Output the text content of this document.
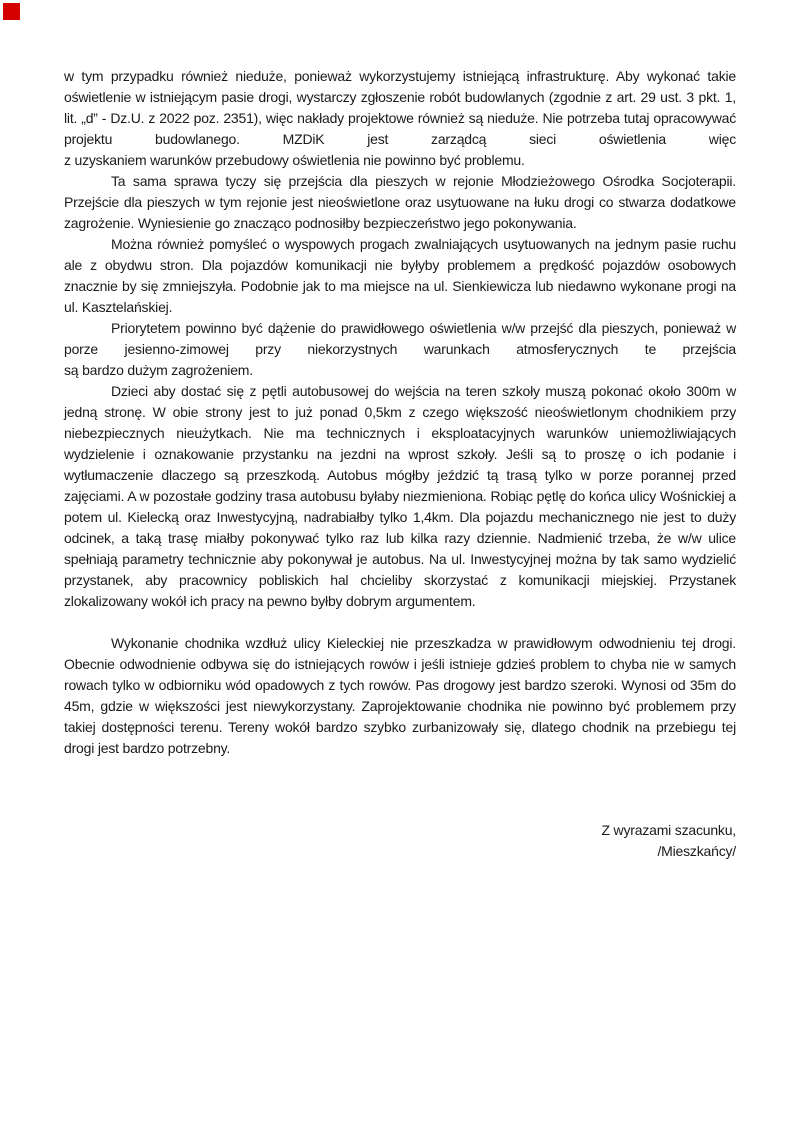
w tym przypadku również nieduże, ponieważ wykorzystujemy istniejącą infrastrukturę. Aby wykonać takie oświetlenie w istniejącym pasie drogi, wystarczy zgłoszenie robót budowlanych (zgodnie z art. 29 ust. 3 pkt. 1, lit. „d” - Dz.U. z 2022 poz. 2351), więc nakłady projektowe również są nieduże. Nie potrzeba tutaj opracowywać projektu budowlanego. MZDiK jest zarządcą sieci oświetlenia więc
z uzyskaniem warunków przebudowy oświetlenia nie powinno być problemu.
Ta sama sprawa tyczy się przejścia dla pieszych w rejonie Młodzieżowego Ośrodka Socjoterapii. Przejście dla pieszych w tym rejonie jest nieoświetlone oraz usytuowane na łuku drogi co stwarza dodatkowe zagrożenie. Wyniesienie go znacząco podnosiłby bezpieczeństwo jego pokonywania.
Można również pomyśleć o wyspowych progach zwalniających usytuowanych na jednym pasie ruchu ale z obydwu stron. Dla pojazdów komunikacji nie byłyby problemem a prędkość pojazdów osobowych znacznie by się zmniejszyła. Podobnie jak to ma miejsce na ul. Sienkiewicza lub niedawno wykonane progi na ul. Kasztelańskiej.
Priorytetem powinno być dążenie do prawidłowego oświetlenia w/w przejść dla pieszych, ponieważ w porze jesienno-zimowej przy niekorzystnych warunkach atmosferycznych te przejścia
są bardzo dużym zagrożeniem.
Dzieci aby dostać się z pętli autobusowej do wejścia na teren szkoły muszą pokonać około 300m w jedną stronę. W obie strony jest to już ponad 0,5km z czego większość nieoświetlonym chodnikiem przy niebezpiecznych nieużytkach. Nie ma technicznych i eksploatacyjnych warunków uniemożliwiających wydzielenie i oznakowanie przystanku na jezdni na wprost szkoły. Jeśli są to proszę o ich podanie i wytłumaczenie dlaczego są przeszkodą. Autobus mógłby jeździć tą trasą tylko w porze porannej przed zajęciami. A w pozostałe godziny trasa autobusu byłaby niezmieniona. Robiąc pętlę do końca ulicy Wośnickiej a potem ul. Kielecką oraz Inwestycyjną, nadrabiałby tylko 1,4km. Dla pojazdu mechanicznego nie jest to duży odcinek, a taką trasę miałby pokonywać tylko raz lub kilka razy dziennie. Nadmienić trzeba, że w/w ulice spełniają parametry technicznie aby pokonywał je autobus. Na ul. Inwestycyjnej można by tak samo wydzielić przystanek, aby pracownicy pobliskich hal chcieliby skorzystać z komunikacji miejskiej. Przystanek zlokalizowany wokół ich pracy na pewno byłby dobrym argumentem.
Wykonanie chodnika wzdłuż ulicy Kieleckiej nie przeszkadza w prawidłowym odwodnieniu tej drogi. Obecnie odwodnienie odbywa się do istniejących rowów i jeśli istnieje gdzieś problem to chyba nie w samych rowach tylko w odbiorniku wód opadowych z tych rowów. Pas drogowy jest bardzo szeroki. Wynosi od 35m do 45m, gdzie w większości jest niewykorzystany. Zaprojektowanie chodnika nie powinno być problemem przy takiej dostępności terenu. Tereny wokół bardzo szybko zurbanizowały się, dlatego chodnik na przebiegu tej drogi jest bardzo potrzebny.
Z wyrazami szacunku,
/Mieszkańcy/
